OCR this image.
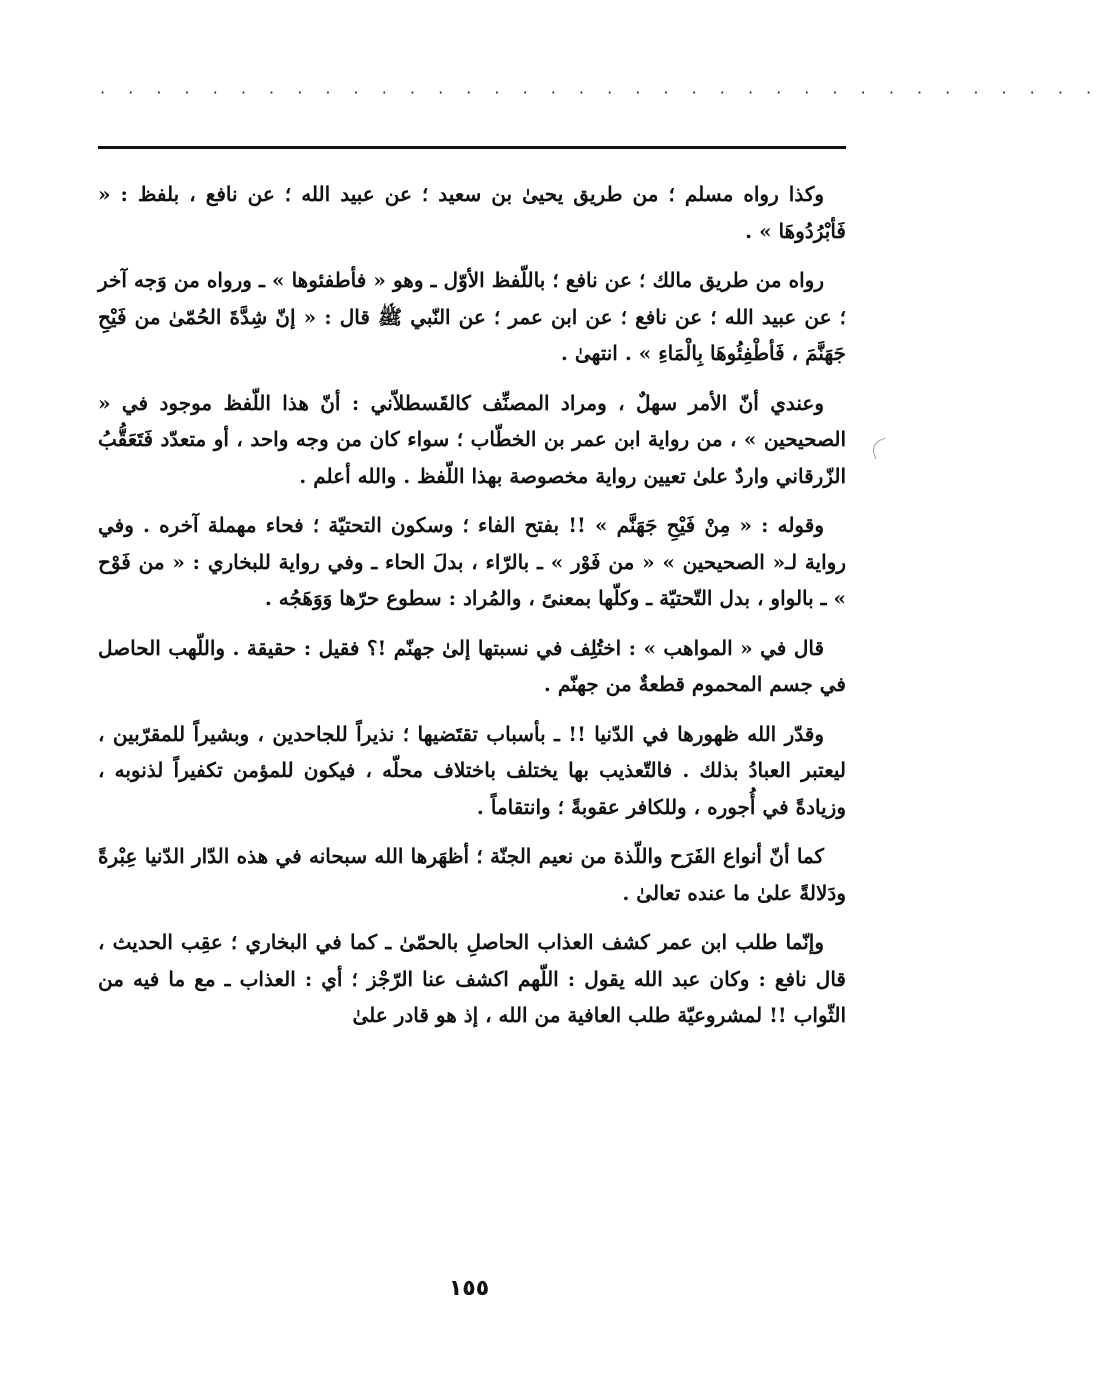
· · · · · · · · · · · · · · · · · · · · · · · · · · · · · · · · · · · ·

وكذا رواه مسلم ؛ من طريق يحيىٰ بن سعيد ؛ عن عبيد الله ؛ عن نافع ، بلفظ : « فَأبْرُدُوهَا » .

رواه من طريق مالك ؛ عن نافع ؛ باللّفظ الأوّل ـ وهو « فأطفئوها » ـ ورواه من وَجه آخر ؛ عن عبيد الله ؛ عن نافع ؛ عن ابن عمر ؛ عن النّبي ﷺ قال : « إنّ شِدَّةَ الحُمّىٰ من فَيْحِ جَهَنَّمَ ، فَأطْفِئُوهَا بِالْمَاءِ » . انتهىٰ .

وعندي أنّ الأمر سهلٌ ، ومراد المصنِّف كالقَسطلاّني : أنّ هذا اللّفظ موجود في « الصحيحين » ، من رواية ابن عمر بن الخطّاب ؛ سواء كان من وجه واحد ، أو متعدّد فَتَعَقُّبُ الزّرقاني واردٌ علىٰ تعيين رواية مخصوصة بهذا اللّفظ . والله أعلم .

وقوله : « مِنْ فَيْحِ جَهَنَّم » !! بفتح الفاء ؛ وسكون التحتيّة ؛ فحاء مهملة آخره . وفي رواية لـ« الصحيحين » « من فَوْر » ـ بالرّاء ، بدلَ الحاء ـ وفي رواية للبخاري : « من فَوْح » ـ بالواو ، بدل التّحتيّة ـ وكلّها بمعنىً ، والمُراد : سطوع حرّها وَوَهَجُه .

قال في « المواهب » : اختُلِف في نسبتها إلىٰ جهنّم !؟ فقيل : حقيقة . واللّهب الحاصل في جسم المحموم قطعةٌ من جهنّم .

وقدّر الله ظهورها في الدّنيا !! ـ بأسباب تقتَضيها ؛ نذيراً للجاحدين ، وبشيراً للمقرّبين ، ليعتبر العبادُ بذلك . فالتّعذيب بها يختلف باختلاف محلّه ، فيكون للمؤمن تكفيراً لذنوبه ، وزيادةً في أُجوره ، وللكافر عقوبةً ؛ وانتقاماً .

كما أنّ أنواع الفَرَح واللّذة من نعيم الجنّة ؛ أظهَرها الله سبحانه في هذه الدّار الدّنيا عِبْرةً ودَلالةً علىٰ ما عنده تعالىٰ .

وإنّما طلب ابن عمر كشف العذاب الحاصلِ بالحمّىٰ ـ كما في البخاري ؛ عقِب الحديث ، قال نافع : وكان عبد الله يقول : اللّهم اكشف عنا الرّجْز ؛ أي : العذاب ـ مع ما فيه من الثّواب !! لمشروعيّة طلب العافية من الله ، إذ هو قادر علىٰ

١٥٥
